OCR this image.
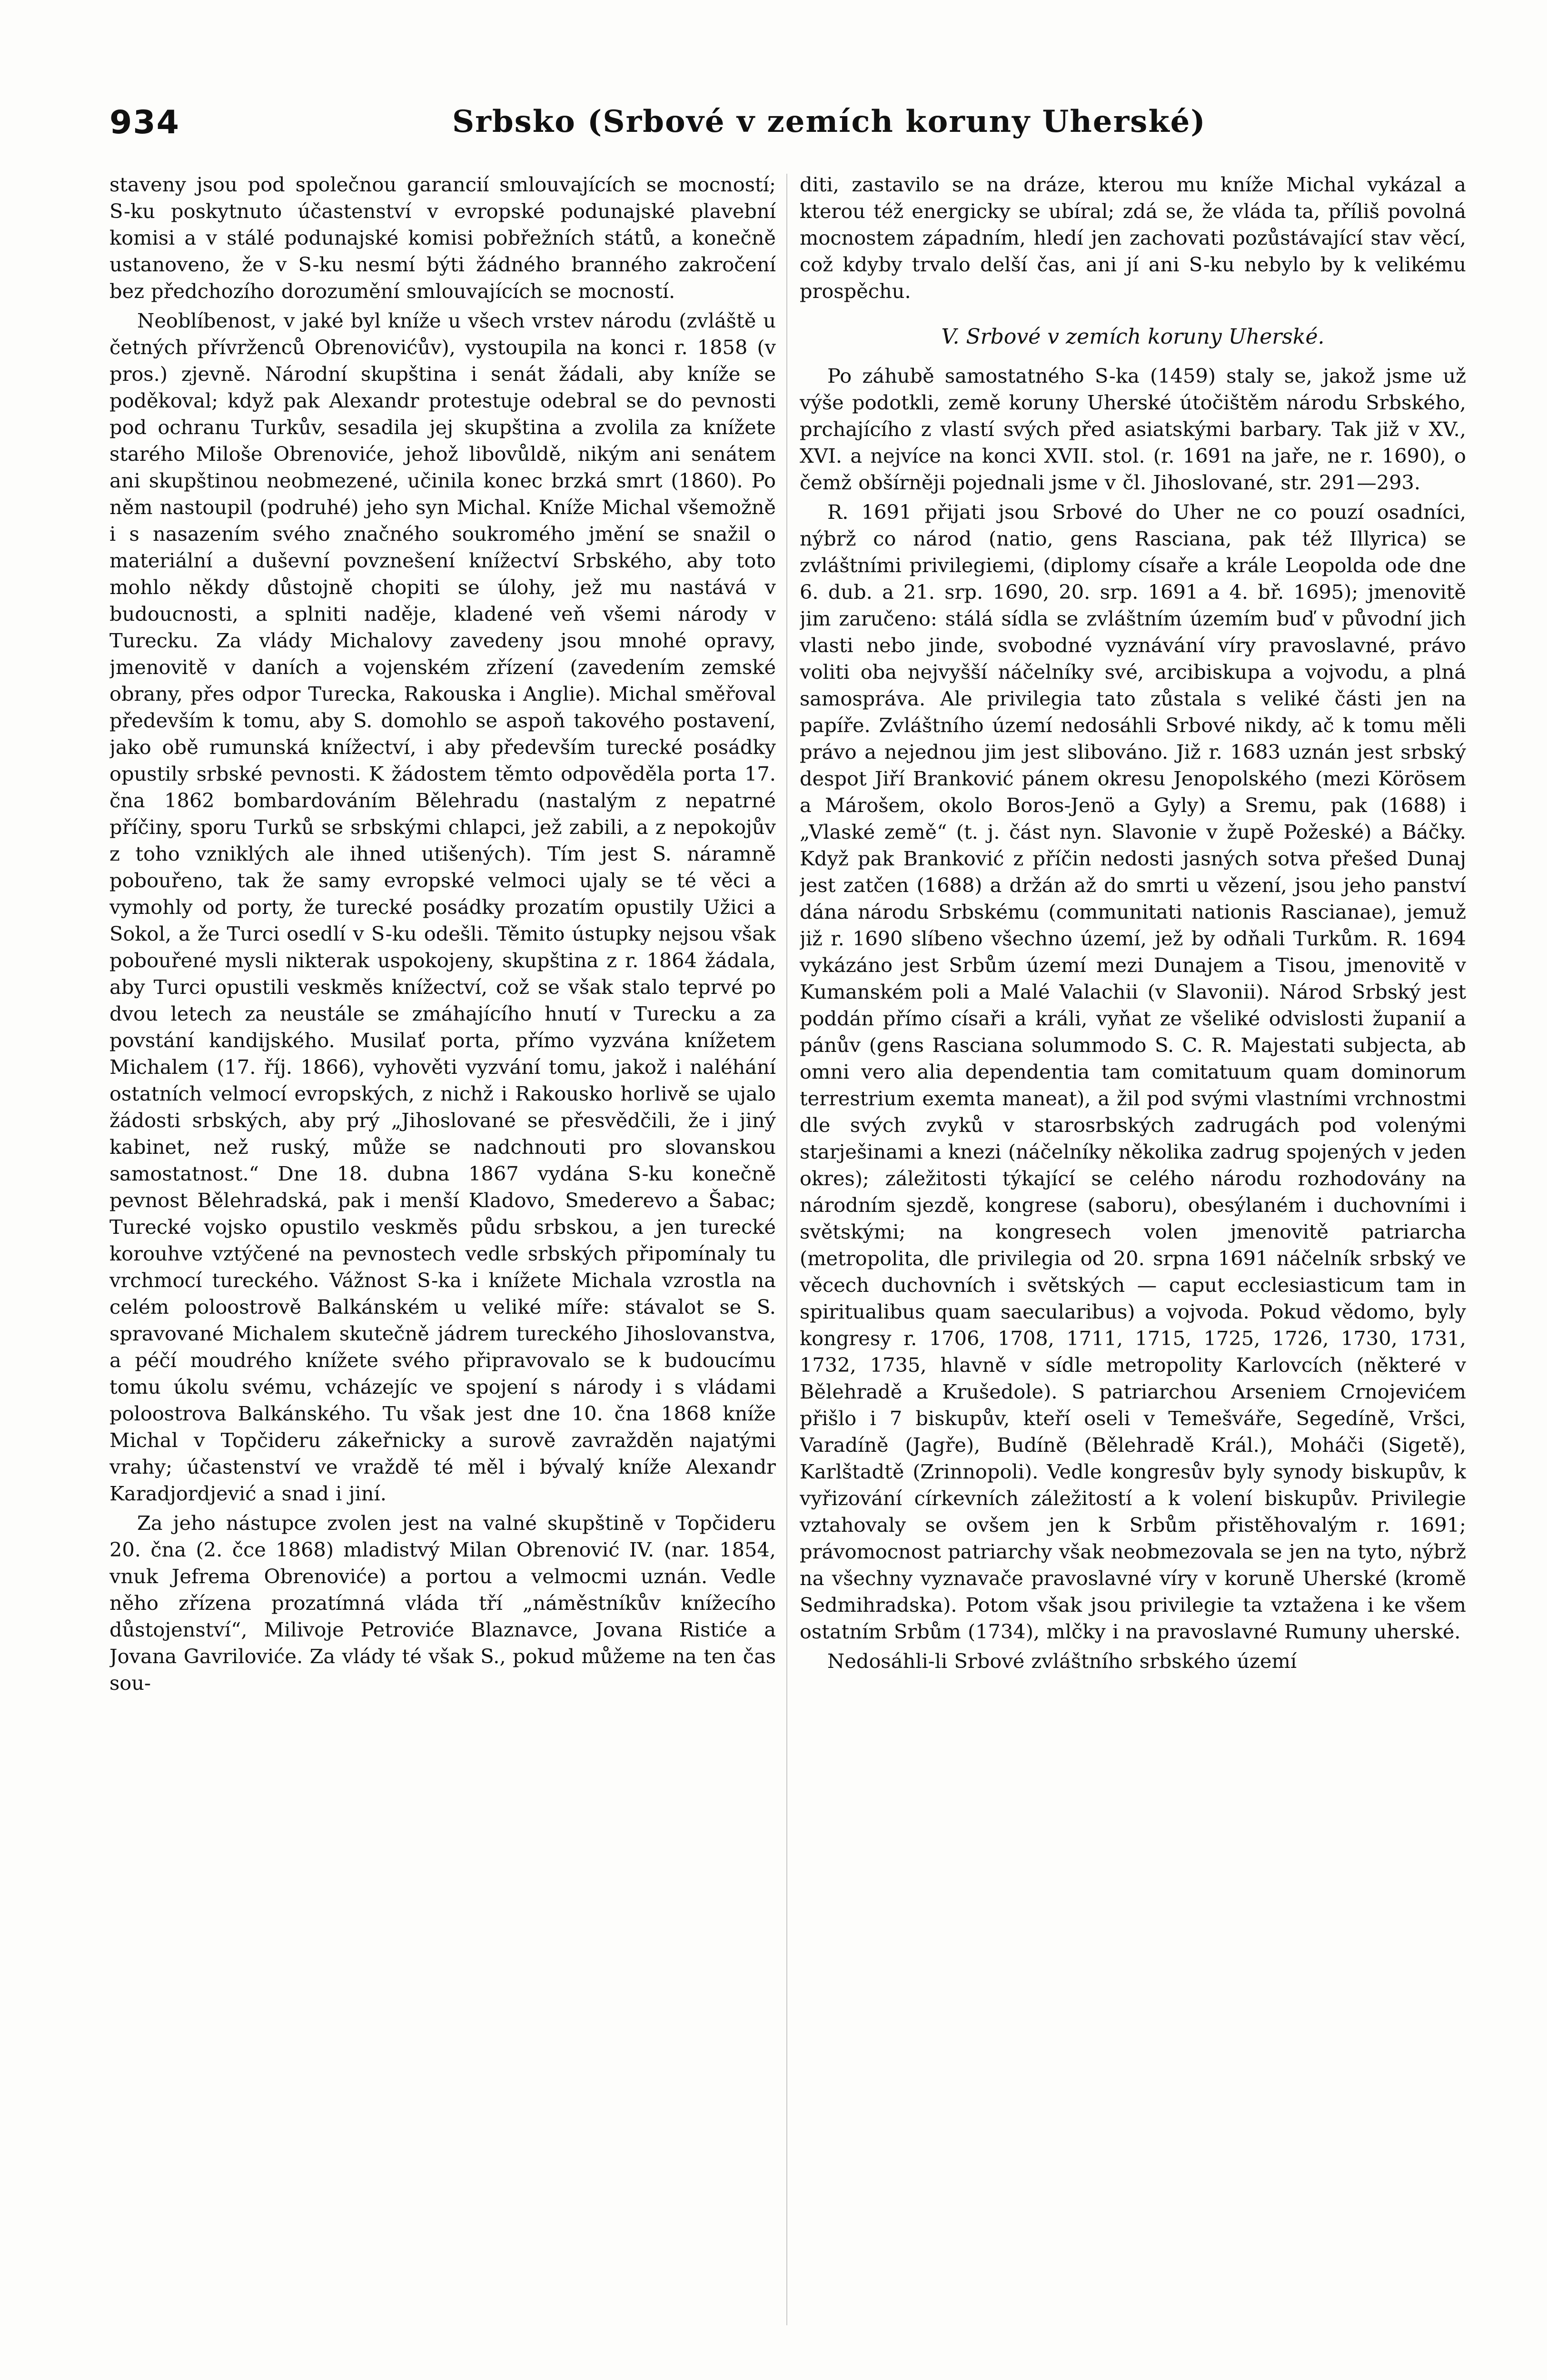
934	Srbsko (Srbové v zemích koruny Uherské)

staveny jsou pod společnou garancií smlouvajících se mocností; S-ku poskytnuto účastenství v evropské podunajské plavební komisi a v stálé podunajské komisi pobřežních států, a konečně ustanoveno, že v S-ku nesmí býti žádného branného zakročení bez předchozího dorozumění smlouvajících se mocností.

Neoblíbenost, v jaké byl kníže u všech vrstev národu (zvláště u četných přívrženců Obrenovićův), vystoupila na konci r. 1858 (v pros.) zjevně. Národní skupština i senát žádali, aby kníže se poděkoval; když pak Alexandr protestuje odebral se do pevnosti pod ochranu Turkův, sesadila jej skupština a zvolila za knížete starého Miloše Obrenoviće, jehož libovůldě, nikým ani senátem ani skupštinou neobmezené, učinila konec brzká smrt (1860). Po něm nastoupil (podruhé) jeho syn Michal. Kníže Michal všemožně i s nasazením svého značného soukromého jmění se snažil o materiální a duševní povznešení knížectví Srbského, aby toto mohlo někdy důstojně chopiti se úlohy, jež mu nastává v budoucnosti, a splniti naděje, kladené veň všemi národy v Turecku. Za vlády Michalovy zavedeny jsou mnohé opravy, jmenovitě v daních a vojenském zřízení (zavedením zemské obrany, přes odpor Turecka, Rakouska i Anglie). Michal směřoval především k tomu, aby S. domohlo se aspoň takového postavení, jako obě rumunská knížectví, i aby především turecké posádky opustily srbské pevnosti. K žádostem těmto odpověděla porta 17. čna 1862 bombardováním Bělehradu (nastalým z nepatrné příčiny, sporu Turků se srbskými chlapci, jež zabili, a z nepokojův z toho vzniklých ale ihned utišených). Tím jest S. náramně pobouřeno, tak že samy evropské velmoci ujaly se té věci a vymohly od porty, že turecké posádky prozatím opustily Užici a Sokol, a že Turci osedlí v S-ku odešli. Těmito ústupky nejsou však pobouřené mysli nikterak uspokojeny, skupština z r. 1864 žádala, aby Turci opustili veskměs knížectví, což se však stalo teprvé po dvou letech za neustále se zmáhajícího hnutí v Turecku a za povstání kandijského. Musilať porta, přímo vyzvána knížetem Michalem (17. říj. 1866), vyhověti vyzvání tomu, jakož i naléhání ostatních velmocí evropských, z nichž i Rakousko horlivě se ujalo žádosti srbských, aby prý „Jihoslované se přesvědčili, že i jiný kabinet, než ruský, může se nadchnouti pro slovanskou samostatnost.“ Dne 18. dubna 1867 vydána S-ku konečně pevnost Bělehradská, pak i menší Kladovo, Smederevo a Šabac; Turecké vojsko opustilo veskměs půdu srbskou, a jen turecké korouhve vztýčené na pevnostech vedle srbských připomínaly tu vrchmocí tureckého. Vážnost S-ka i knížete Michala vzrostla na celém poloostrově Balkánském u veliké míře: stávalot se S. spravované Michalem skutečně jádrem tureckého Jihoslovanstva, a péčí moudrého knížete svého připravovalo se k budoucímu tomu úkolu svému, vcházejíc ve spojení s národy i s vládami poloostrova Balkánského. Tu však jest dne 10. čna 1868 kníže Michal v Topčideru zákeřnicky a surově zavražděn najatými vrahy; účastenství ve vraždě té měl i bývalý kníže Alexandr Karadjordjević a snad i jiní.

Za jeho nástupce zvolen jest na valné skupštině v Topčideru 20. čna (2. čce 1868) mladistvý Milan Obrenović IV. (nar. 1854, vnuk Jefrema Obrenoviće) a portou a velmocmi uznán. Vedle něho zřízena prozatímná vláda tří „náměstníkův knížecího důstojenství“, Milivoje Petroviće Blaznavce, Jovana Ristiće a Jovana Gavriloviće. Za vlády té však S., pokud můžeme na ten čas sou-

diti, zastavilo se na dráze, kterou mu kníže Michal vykázal a kterou též energicky se ubíral; zdá se, že vláda ta, příliš povolná mocnostem západním, hledí jen zachovati pozůstávající stav věcí, což kdyby trvalo delší čas, ani jí ani S-ku nebylo by k velikému prospěchu.

V. Srbové v zemích koruny Uherské.

Po záhubě samostatného S-ka (1459) staly se, jakož jsme už výše podotkli, země koruny Uherské útočištěm národu Srbského, prchajícího z vlastí svých před asiatskými barbary. Tak již v XV., XVI. a nejvíce na konci XVII. stol. (r. 1691 na jaře, ne r. 1690), o čemž obšírněji pojednali jsme v čl. Jihoslované, str. 291—293.

R. 1691 přijati jsou Srbové do Uher ne co pouzí osadníci, nýbrž co národ (natio, gens Rasciana, pak též Illyrica) se zvláštními privilegiemi, (diplomy císaře a krále Leopolda ode dne 6. dub. a 21. srp. 1690, 20. srp. 1691 a 4. bř. 1695); jmenovitě jim zaručeno: stálá sídla se zvláštním územím buď v původní jich vlasti nebo jinde, svobodné vyznávání víry pravoslavné, právo voliti oba nejvyšší náčelníky své, arcibiskupa a vojvodu, a plná samospráva. Ale privilegia tato zůstala s veliké části jen na papíře. Zvláštního území nedosáhli Srbové nikdy, ač k tomu měli právo a nejednou jim jest slibováno. Již r. 1683 uznán jest srbský despot Jiří Branković pánem okresu Jenopolského (mezi Körösem a Márošem, okolo Boros-Jenö a Gyly) a Sremu, pak (1688) i „Vlaské země“ (t. j. část nyn. Slavonie v župě Požeské) a Báčky. Když pak Branković z příčin nedosti jasných sotva přešed Dunaj jest zatčen (1688) a držán až do smrti u vězení, jsou jeho panství dána národu Srbskému (communitati nationis Rascianae), jemuž již r. 1690 slíbeno všechno území, jež by odňali Turkům. R. 1694 vykázáno jest Srbům území mezi Dunajem a Tisou, jmenovitě v Kumanském poli a Malé Valachii (v Slavonii). Národ Srbský jest poddán přímo císaři a králi, vyňat ze všeliké odvislosti županií a pánův (gens Rasciana solummodo S. C. R. Majestati subjecta, ab omni vero alia dependentia tam comitatuum quam dominorum terrestrium exemta maneat), a žil pod svými vlastními vrchnostmi dle svých zvyků v starosrbských zadrugách pod volenými starješinami a knezi (náčelníky několika zadrug spojených v jeden okres); záležitosti týkající se celého národu rozhodovány na národním sjezdě, kongrese (saboru), obesýlaném i duchovními i světskými; na kongresech volen jmenovitě patriarcha (metropolita, dle privilegia od 20. srpna 1691 náčelník srbský ve věcech duchovních i světských — caput ecclesiasticum tam in spiritualibus quam saecularibus) a vojvoda. Pokud vědomo, byly kongresy r. 1706, 1708, 1711, 1715, 1725, 1726, 1730, 1731, 1732, 1735, hlavně v sídle metropolity Karlovcích (některé v Bělehradě a Krušedole). S patriarchou Arseniem Crnojevićem přišlo i 7 biskupův, kteří oseli v Temešváře, Segedíně, Vršci, Varadíně (Jagře), Budíně (Bělehradě Král.), Moháči (Sigetě), Karlštadtě (Zrinnopoli). Vedle kongresův byly synody biskupův, k vyřizování církevních záležitostí a k volení biskupův. Privilegie vztahovaly se ovšem jen k Srbům přistěhovalým r. 1691; právomocnost patriarchy však neobmezovala se jen na tyto, nýbrž na všechny vyznavače pravoslavné víry v koruně Uherské (kromě Sedmihradska). Potom však jsou privilegie ta vztažena i ke všem ostatním Srbům (1734), mlčky i na pravoslavné Rumuny uherské.

Nedosáhli-li Srbové zvláštního srbského území
